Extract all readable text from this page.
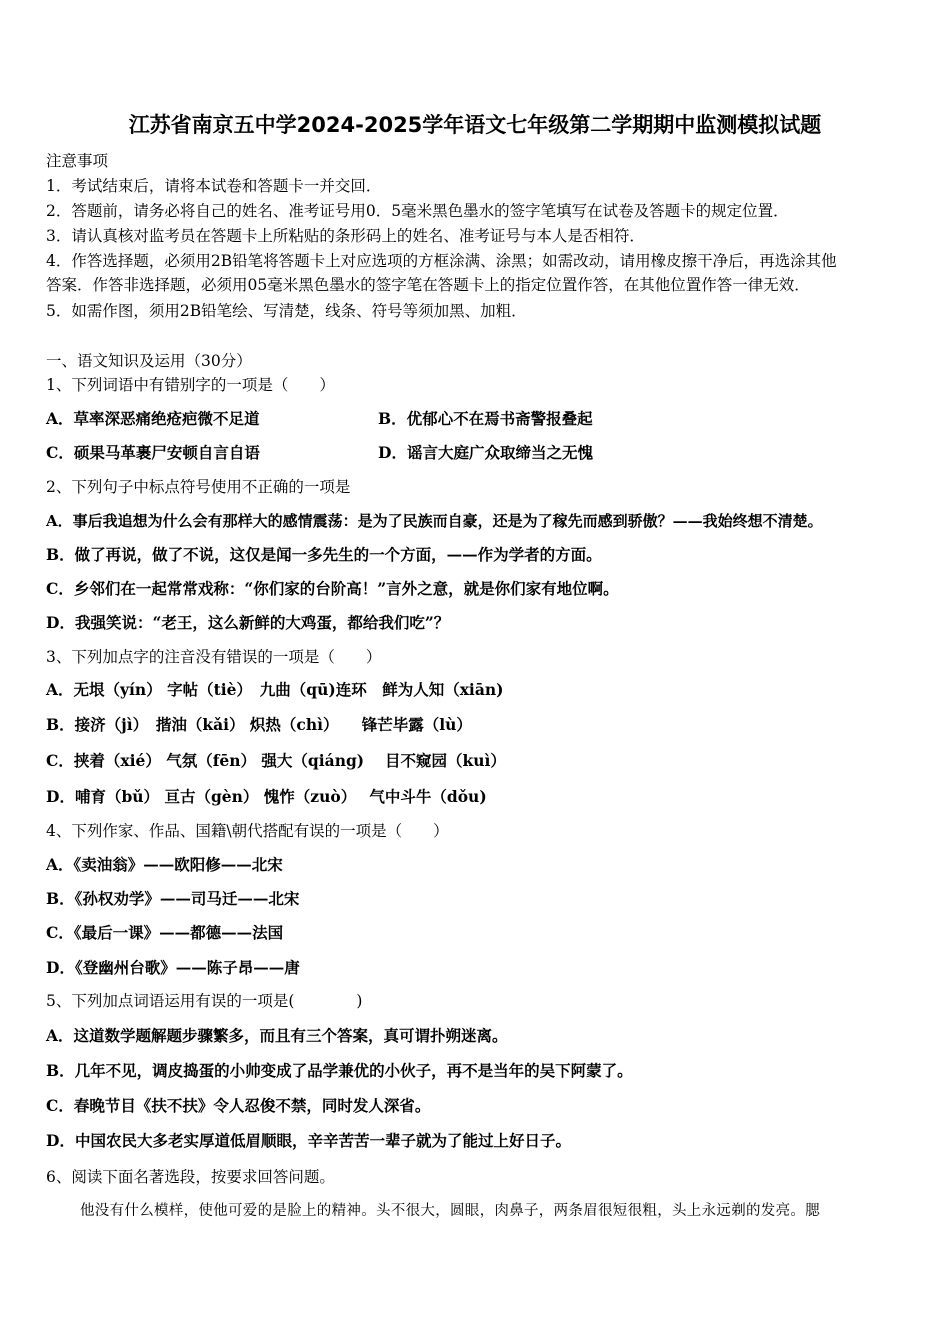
江苏省南京五中学2024-2025学年语文七年级第二学期期中监测模拟试题
注意事项
1．考试结束后，请将本试卷和答题卡一并交回．
2．答题前，请务必将自己的姓名、准考证号用0．5毫米黑色墨水的签字笔填写在试卷及答题卡的规定位置．
3．请认真核对监考员在答题卡上所粘贴的条形码上的姓名、准考证号与本人是否相符．
4．作答选择题，必须用2B铅笔将答题卡上对应选项的方框涂满、涂黑；如需改动，请用橡皮擦干净后，再选涂其他
答案．作答非选择题，必须用05毫米黑色墨水的签字笔在答题卡上的指定位置作答，在其他位置作答一律无效．
5．如需作图，须用2B铅笔绘、写清楚，线条、符号等须加黑、加粗．
一、语文知识及运用（30分）
1、下列词语中有错别字的一项是（　　）
A．草率深恶痛绝疮疤微不足道	B．优郁心不在焉书斋警报叠起
C．硕果马革裹尸安顿自言自语	D．谣言大庭广众取缔当之无愧
2、下列句子中标点符号使用不正确的一项是
A．事后我追想为什么会有那样大的感情震荡：是为了民族而自豪，还是为了稼先而感到骄傲？——我始终想不清楚。
B．做了再说，做了不说，这仅是闻一多先生的一个方面，——作为学者的方面。
C．乡邻们在一起常常戏称：“你们家的台阶高！”言外之意，就是你们家有地位啊。
D．我强笑说：“老王，这么新鲜的大鸡蛋，都给我们吃”？
3、下列加点字的注音没有错误的一项是（　　）
A．无垠（yín） 字帖（tiè）　九曲（qū)连环　鲜为人知（xiān)
B．接济（jì）　揩油（kǎi） 炽热（chì）　　锋芒毕露（lù）
C．挟着（xié） 气氛（fēn） 强大（qiáng)　 目不窥园（kuì）
D．哺育（bǔ） 亘古（gèn） 愧怍（zuò）　 气中斗牛（dǒu)
4、下列作家、作品、国籍\朝代搭配有误的一项是（　　）
A．《卖油翁》——欧阳修——北宋
B．《孙权劝学》——司马迁——北宋
C．《最后一课》——都德——法国
D．《登幽州台歌》——陈子昂——唐
5、下列加点词语运用有误的一项是(　　　　)
A．这道数学题解题步骤繁多，而且有三个答案，真可谓扑朔迷离。
B．几年不见，调皮捣蛋的小帅变成了品学兼优的小伙子，再不是当年的吴下阿蒙了。
C．春晚节目《扶不扶》令人忍俊不禁，同时发人深省。
D．中国农民大多老实厚道低眉顺眼，辛辛苦苦一辈子就为了能过上好日子。
6、阅读下面名著选段，按要求回答问题。
他没有什么模样，使他可爱的是脸上的精神。头不很大，圆眼，肉鼻子，两条眉很短很粗，头上永远剃的发亮。腮
